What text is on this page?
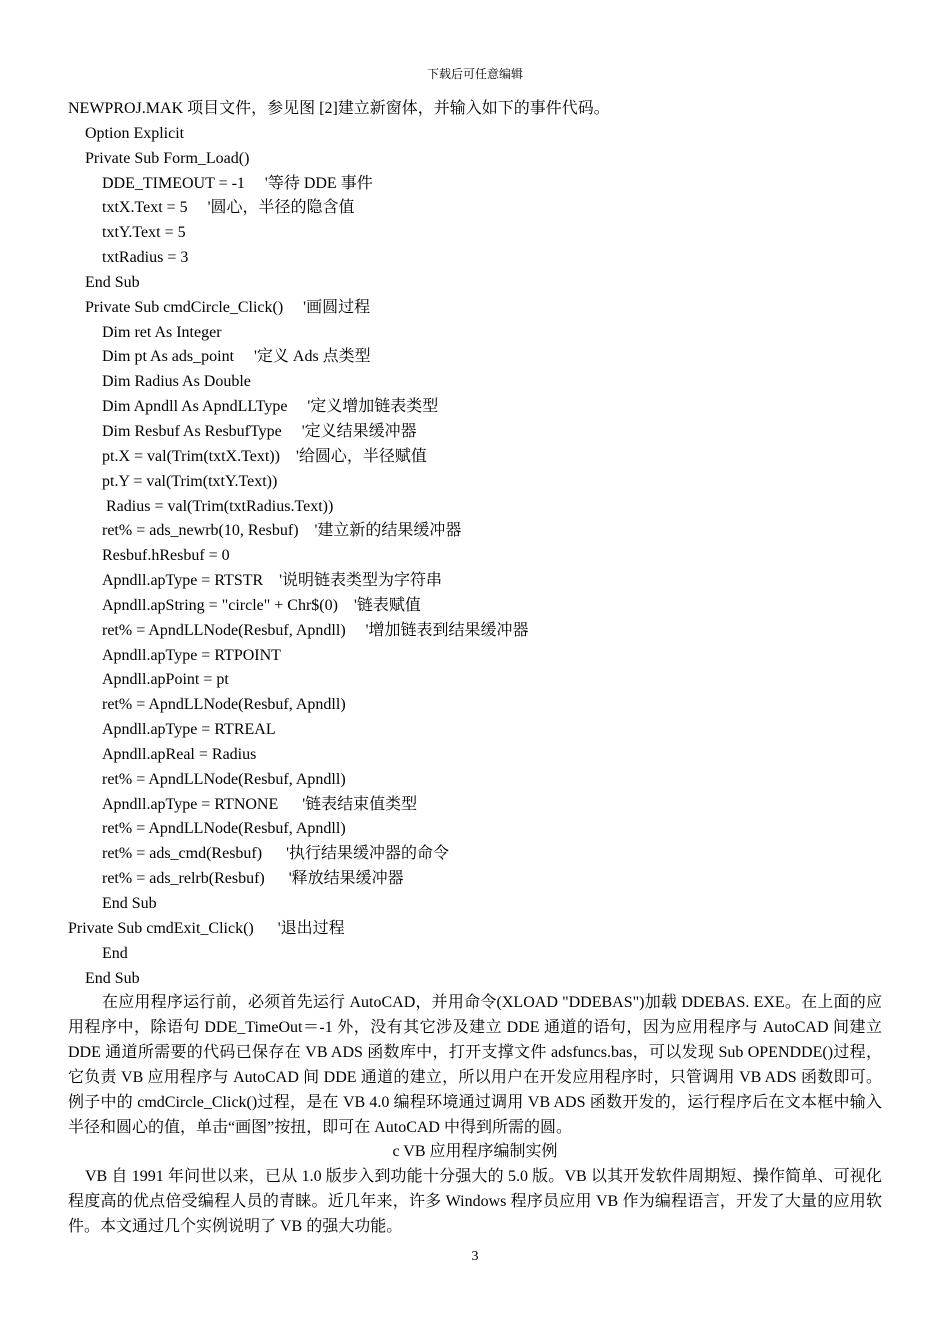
下载后可任意编辑
NEWPROJ.MAK 项目文件，参见图 [2]建立新窗体，并输入如下的事件代码。
Option Explicit
Private Sub Form_Load()
DDE_TIMEOUT = -1     '等待 DDE 事件
txtX.Text = 5     '圆心，半径的隐含值
txtY.Text = 5
txtRadius = 3
End Sub
Private Sub cmdCircle_Click()     '画圆过程
Dim ret As Integer
Dim pt As ads_point     '定义 Ads 点类型
Dim Radius As Double
Dim Apndll As ApndLLType     '定义增加链表类型
Dim Resbuf As ResbufType     '定义结果缓冲器
pt.X = val(Trim(txtX.Text))    '给圆心，半径赋值
pt.Y = val(Trim(txtY.Text))
Radius = val(Trim(txtRadius.Text))
ret% = ads_newrb(10, Resbuf)    '建立新的结果缓冲器
Resbuf.hResbuf = 0
Apndll.apType = RTSTR    '说明链表类型为字符串
Apndll.apString = "circle" + Chr$(0)    '链表赋值
ret% = ApndLLNode(Resbuf, Apndll)     '增加链表到结果缓冲器
Apndll.apType = RTPOINT
Apndll.apPoint = pt
ret% = ApndLLNode(Resbuf, Apndll)
Apndll.apType = RTREAL
Apndll.apReal = Radius
ret% = ApndLLNode(Resbuf, Apndll)
Apndll.apType = RTNONE      '链表结束值类型
ret% = ApndLLNode(Resbuf, Apndll)
ret% = ads_cmd(Resbuf)      '执行结果缓冲器的命令
ret% = ads_relrb(Resbuf)      '释放结果缓冲器
End Sub
Private Sub cmdExit_Click()      '退出过程
End
End Sub
在应用程序运行前，必须首先运行 AutoCAD，并用命令(XLOAD "DDEBAS")加载 DDEBAS. EXE。在上面的应用程序中，除语句 DDE_TimeOut＝-1 外，没有其它涉及建立 DDE 通道的语句，因为应用程序与 AutoCAD 间建立 DDE 通道所需要的代码已保存在 VB ADS 函数库中，打开支撑文件 adsfuncs.bas，可以发现 Sub OPENDDE()过程，它负责 VB 应用程序与 AutoCAD 间 DDE 通道的建立，所以用户在开发应用程序时，只管调用 VB ADS 函数即可。例子中的 cmdCircle_Click()过程，是在 VB 4.0 编程环境通过调用 VB ADS 函数开发的，运行程序后在文本框中输入半径和圆心的值，单击“画图”按扭，即可在 AutoCAD 中得到所需的圆。
c VB 应用程序编制实例
VB 自 1991 年问世以来，已从 1.0 版步入到功能十分强大的 5.0 版。VB 以其开发软件周期短、操作简单、可视化程度高的优点倍受编程人员的青睐。近几年来，许多 Windows 程序员应用 VB 作为编程语言，开发了大量的应用软件。本文通过几个实例说明了 VB 的强大功能。
3
